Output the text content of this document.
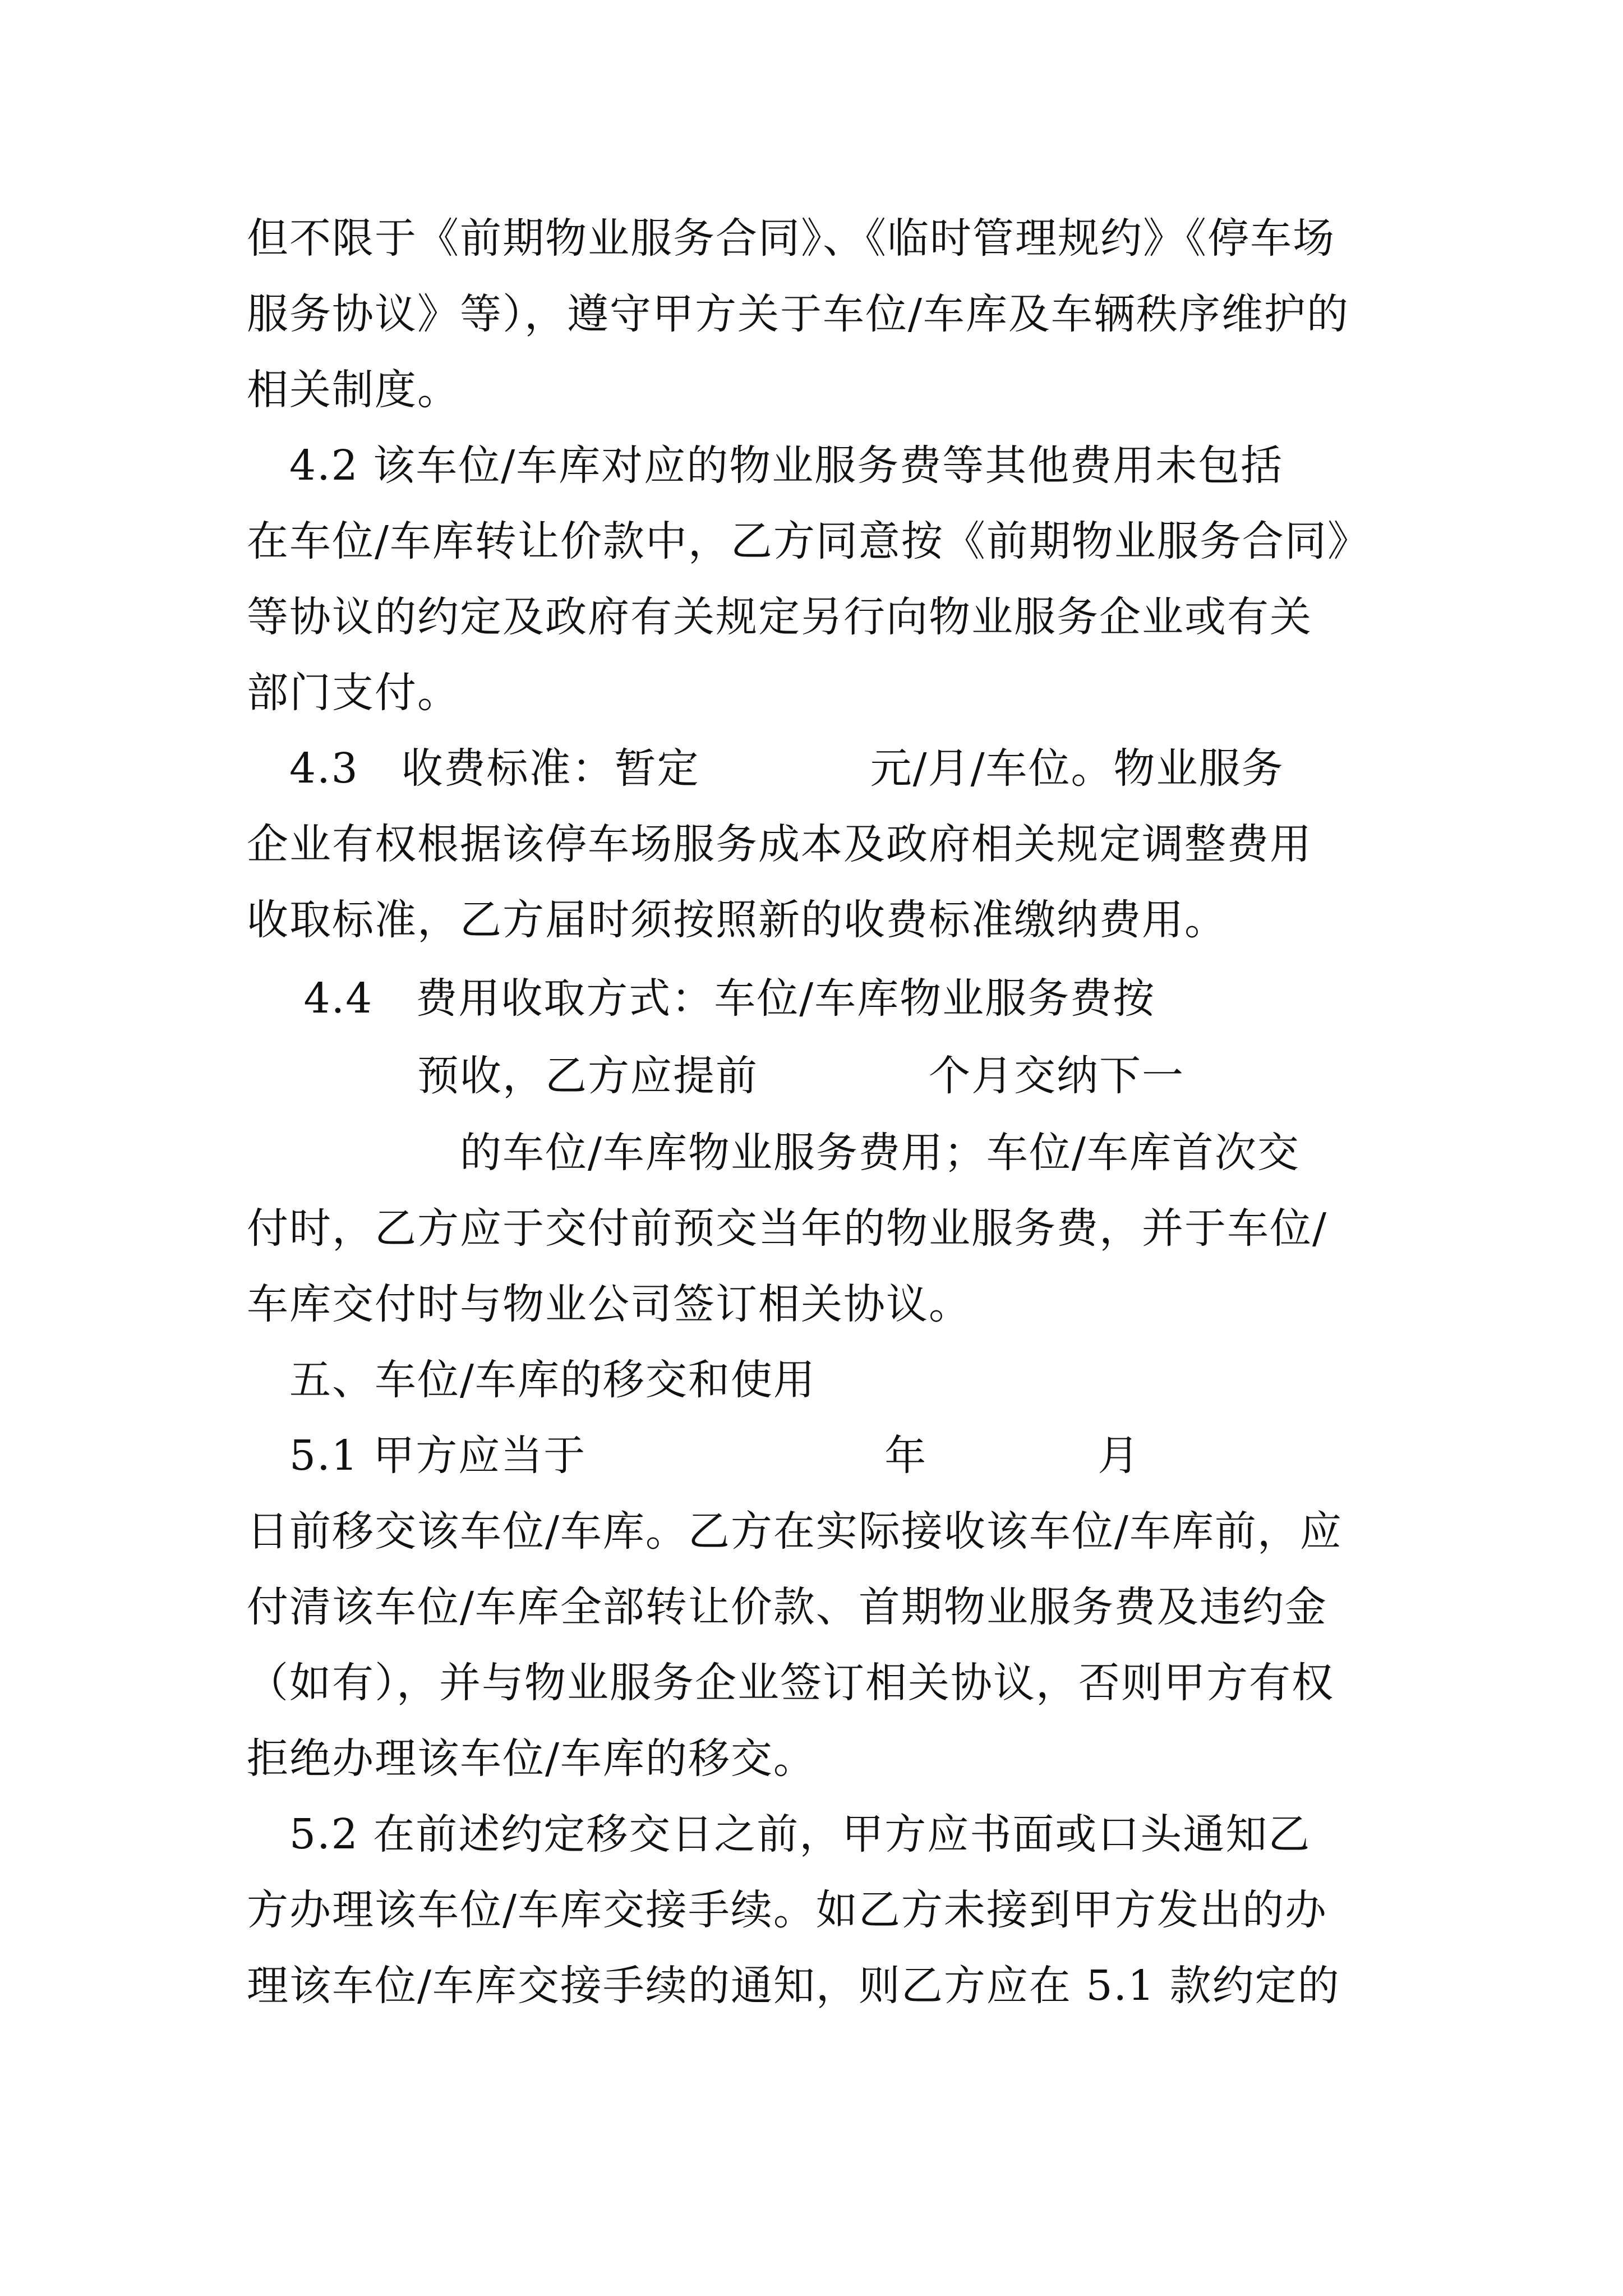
但不限于《前期物业服务合同》、《临时管理规约》《停车场
服务协议》等），遵守甲方关于车位/车库及车辆秩序维护的
相关制度。
　4.2 该车位/车库对应的物业服务费等其他费用未包括
在车位/车库转让价款中，乙方同意按《前期物业服务合同》
等协议的约定及政府有关规定另行向物业服务企业或有关
部门支付。
　4.3　收费标准：暂定　　　　元/月/车位。物业服务
企业有权根据该停车场服务成本及政府相关规定调整费用
收取标准，乙方届时须按照新的收费标准缴纳费用。
　 4.4　费用收取方式：车位/车库物业服务费按
　　　　预收，乙方应提前　　　　个月交纳下一
　　　　　的车位/车库物业服务费用；车位/车库首次交
付时，乙方应于交付前预交当年的物业服务费，并于车位/
车库交付时与物业公司签订相关协议。
　五、车位/车库的移交和使用
　5.1 甲方应当于　　　　　　　年　　　　月
日前移交该车位/车库。乙方在实际接收该车位/车库前，应
付清该车位/车库全部转让价款、首期物业服务费及违约金
（如有），并与物业服务企业签订相关协议，否则甲方有权
拒绝办理该车位/车库的移交。
　5.2 在前述约定移交日之前，甲方应书面或口头通知乙
方办理该车位/车库交接手续。如乙方未接到甲方发出的办
理该车位/车库交接手续的通知，则乙方应在 5.1 款约定的
